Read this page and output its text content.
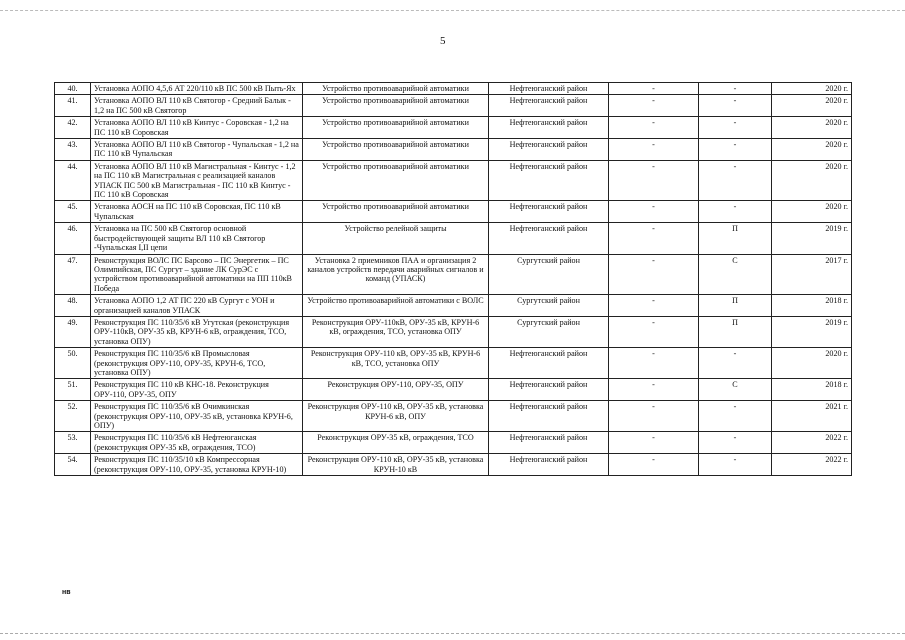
5
40.	Установка АОПО 4,5,6 АТ 220/110 кВ ПС 500 кВ Пыть-Ях	Устройство противоаварийной автоматики	Нефтеюганский район	-	-	2020 г.
41.	Установка АОПО ВЛ 110 кВ Святогор - Средний Балык - 1,2 на ПС 500 кВ Святогор	Устройство противоаварийной автоматики	Нефтеюганский район	-	-	2020 г.
42.	Установка АОПО ВЛ 110 кВ Кинтус - Соровская - 1,2 на ПС 110 кВ Соровская	Устройство противоаварийной автоматики	Нефтеюганский район	-	-	2020 г.
43.	Установка АОПО ВЛ 110 кВ Святогор - Чупальская - 1,2 на ПС 110 кВ Чупальская	Устройство противоаварийной автоматики	Нефтеюганский район	-	-	2020 г.
44.	Установка АОПО ВЛ 110 кВ Магистральная - Кинтус - 1,2 на ПС 110 кВ Магистральная с реализацией каналов УПАСК ПС 500 кВ Магистральная - ПС 110 кВ Кинтус - ПС 110 кВ Соровская	Устройство противоаварийной автоматики	Нефтеюганский район	-	-	2020 г.
45.	Установка АОСН на ПС 110 кВ Соровская, ПС 110 кВ Чупальская	Устройство противоаварийной автоматики	Нефтеюганский район	-	-	2020 г.
46.	Установка на ПС 500 кВ Святогор основной быстродействующей защиты ВЛ 110 кВ Святогор -Чупальская I,II цепи	Устройство релейной защиты	Нефтеюганский район	-	П	2019 г.
47.	Реконструкция ВОЛС ПС Барсово – ПС Энергетик – ПС Олимпийская, ПС Сургут – здание ЛК СурЭС с устройством противоаварийной автоматики на ПП 110кВ Победа	Установка 2 приемников ПАА и организация 2 каналов устройств передачи аварийных сигналов и команд (УПАСК)	Сургутский район	-	С	2017 г.
48.	Установка АОПО 1,2 АТ ПС 220 кВ Сургут с УОН и организацией каналов УПАСК	Устройство противоаварийной автоматики с ВОЛС	Сургутский район	-	П	2018 г.
49.	Реконструкция ПС 110/35/6 кВ Угутская (реконструкция ОРУ-110кВ, ОРУ-35 кВ, КРУН-6 кВ, ограждения, ТСО, установка ОПУ)	Реконструкция ОРУ-110кВ, ОРУ-35 кВ, КРУН-6 кВ, ограждения, ТСО, установка ОПУ	Сургутский район	-	П	2019 г.
50.	Реконструкция ПС 110/35/6 кВ Промысловая (реконструкция ОРУ-110, ОРУ-35, КРУН-6, ТСО, установка ОПУ)	Реконструкция ОРУ-110 кВ, ОРУ-35 кВ, КРУН-6 кВ, ТСО, установка ОПУ	Нефтеюганский район	-	-	2020 г.
51.	Реконструкция ПС 110 кВ КНС-18. Реконструкция ОРУ-110, ОРУ-35, ОПУ	Реконструкция ОРУ-110, ОРУ-35, ОПУ	Нефтеюганский район	-	С	2018 г.
52.	Реконструкция ПС 110/35/6 кВ Очимкинская (реконструкция ОРУ-110, ОРУ-35 кВ, установка КРУН-6, ОПУ)	Реконструкция ОРУ-110 кВ, ОРУ-35 кВ, установка КРУН-6 кВ, ОПУ	Нефтеюганский район	-	-	2021 г.
53.	Реконструкция ПС 110/35/6 кВ Нефтеюганская (реконструкция ОРУ-35 кВ, ограждения, ТСО)	Реконструкция ОРУ-35 кВ, ограждения, ТСО	Нефтеюганский район	-	-	2022 г.
54.	Реконструкция ПС 110/35/10 кВ Компрессорная (реконструкция ОРУ-110, ОРУ-35, установка КРУН-10)	Реконструкция ОРУ-110 кВ, ОРУ-35 кВ, установка КРУН-10 кВ	Нефтеюганский район	-	-	2022 г.
нв
